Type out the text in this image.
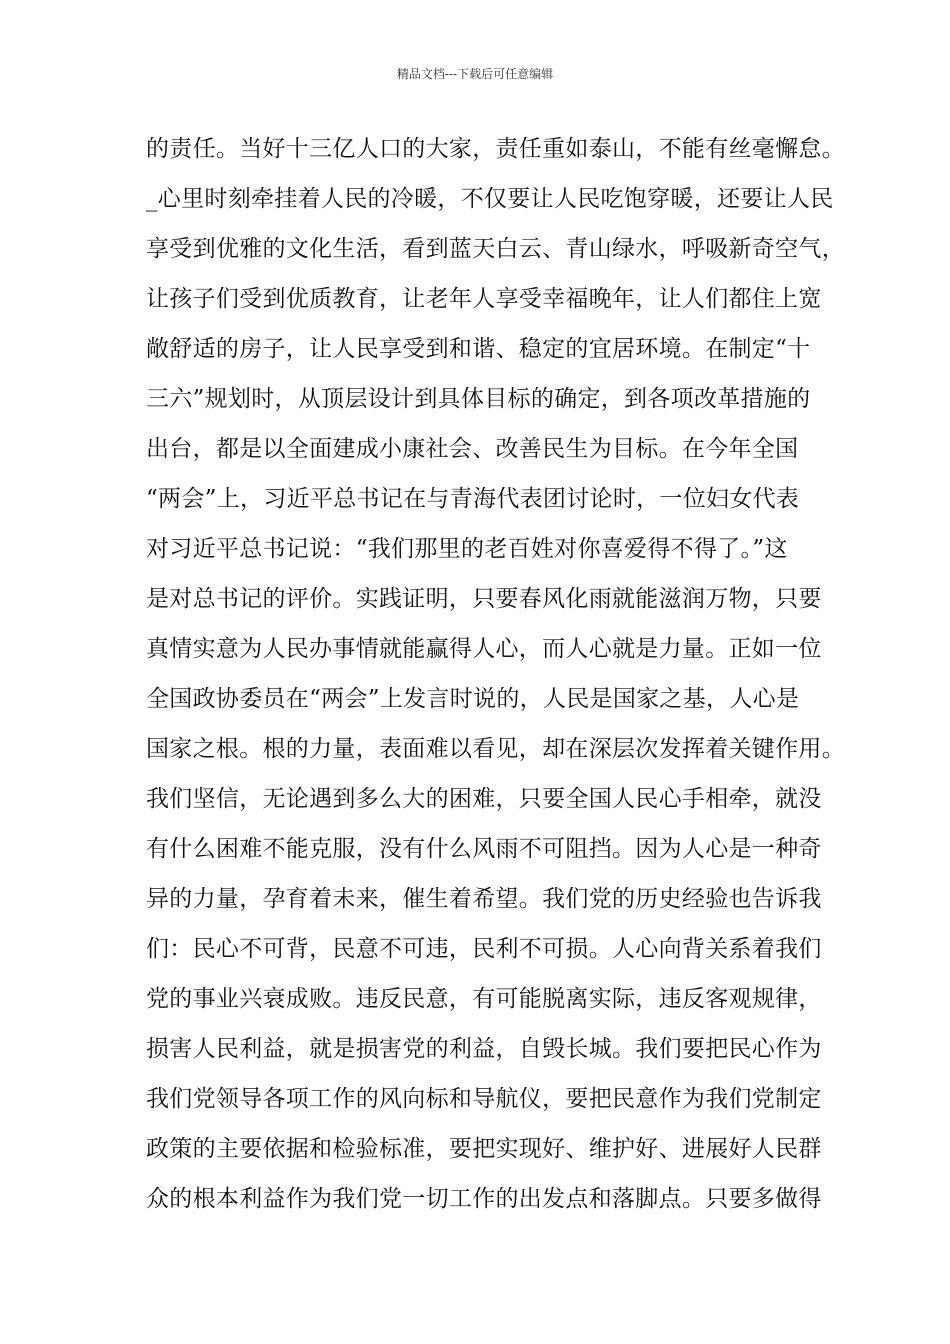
精品文档---下载后可任意编辑
的责任。当好十三亿人口的大家，责任重如泰山，不能有丝毫懈怠。
_心里时刻牵挂着人民的冷暖，不仅要让人民吃饱穿暖，还要让人民
享受到优雅的文化生活，看到蓝天白云、青山绿水，呼吸新奇空气，
让孩子们受到优质教育，让老年人享受幸福晚年，让人们都住上宽
敞舒适的房子，让人民享受到和谐、稳定的宜居环境。在制定“十
三六”规划时，从顶层设计到具体目标的确定，到各项改革措施的
出台，都是以全面建成小康社会、改善民生为目标。在今年全国
“两会”上，习近平总书记在与青海代表团讨论时，一位妇女代表
对习近平总书记说：“我们那里的老百姓对你喜爱得不得了。”这
是对总书记的评价。实践证明，只要春风化雨就能滋润万物，只要
真情实意为人民办事情就能赢得人心，而人心就是力量。正如一位
全国政协委员在“两会”上发言时说的，人民是国家之基，人心是
国家之根。根的力量，表面难以看见，却在深层次发挥着关键作用。
我们坚信，无论遇到多么大的困难，只要全国人民心手相牵，就没
有什么困难不能克服，没有什么风雨不可阻挡。因为人心是一种奇
异的力量，孕育着未来，催生着希望。我们党的历史经验也告诉我
们：民心不可背，民意不可违，民利不可损。人心向背关系着我们
党的事业兴衰成败。违反民意，有可能脱离实际，违反客观规律，
损害人民利益，就是损害党的利益，自毁长城。我们要把民心作为
我们党领导各项工作的风向标和导航仪，要把民意作为我们党制定
政策的主要依据和检验标准，要把实现好、维护好、进展好人民群
众的根本利益作为我们党一切工作的出发点和落脚点。只要多做得
